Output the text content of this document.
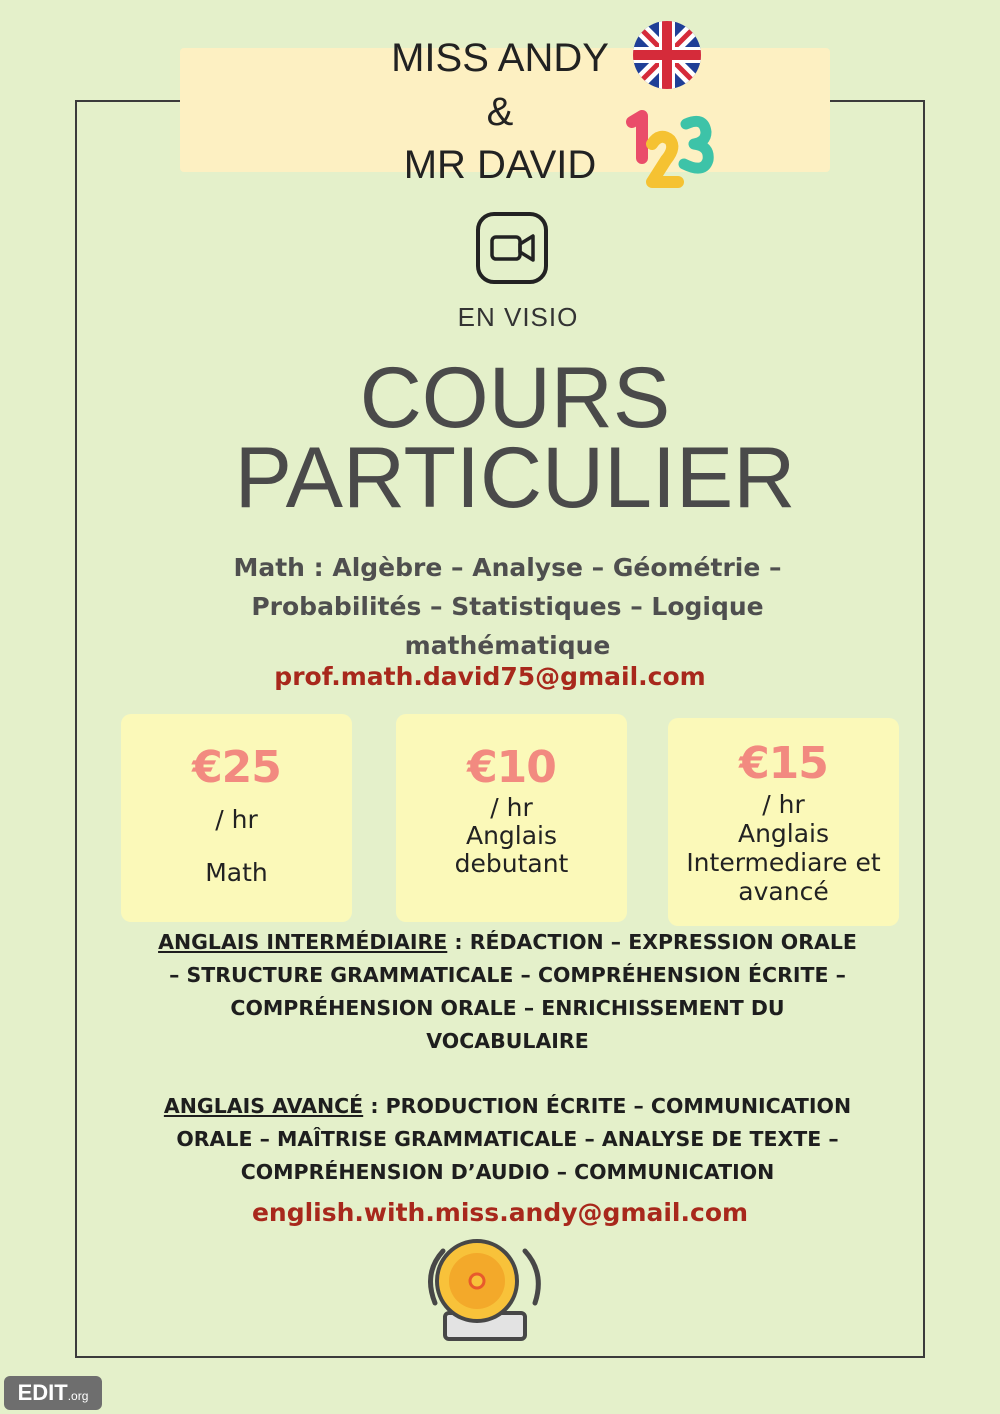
MISS ANDY
&
MR DAVID
EN VISIO
COURS
PARTICULIER
Math : Algèbre – Analyse – Géométrie –
Probabilités – Statistiques – Logique
mathématique
prof.math.david75@gmail.com
€25
/ hr
Math
€10
/ hr
Anglais
debutant
€15
/ hr
Anglais
Intermediare et
avancé
ANGLAIS INTERMÉDIAIRE : RÉDACTION – EXPRESSION ORALE
– STRUCTURE GRAMMATICALE – COMPRÉHENSION ÉCRITE –
COMPRÉHENSION ORALE – ENRICHISSEMENT DU
VOCABULAIRE
ANGLAIS AVANCÉ : PRODUCTION ÉCRITE – COMMUNICATION
ORALE – MAÎTRISE GRAMMATICALE – ANALYSE DE TEXTE –
COMPRÉHENSION D’AUDIO – COMMUNICATION
english.with.miss.andy@gmail.com
EDIT.org
